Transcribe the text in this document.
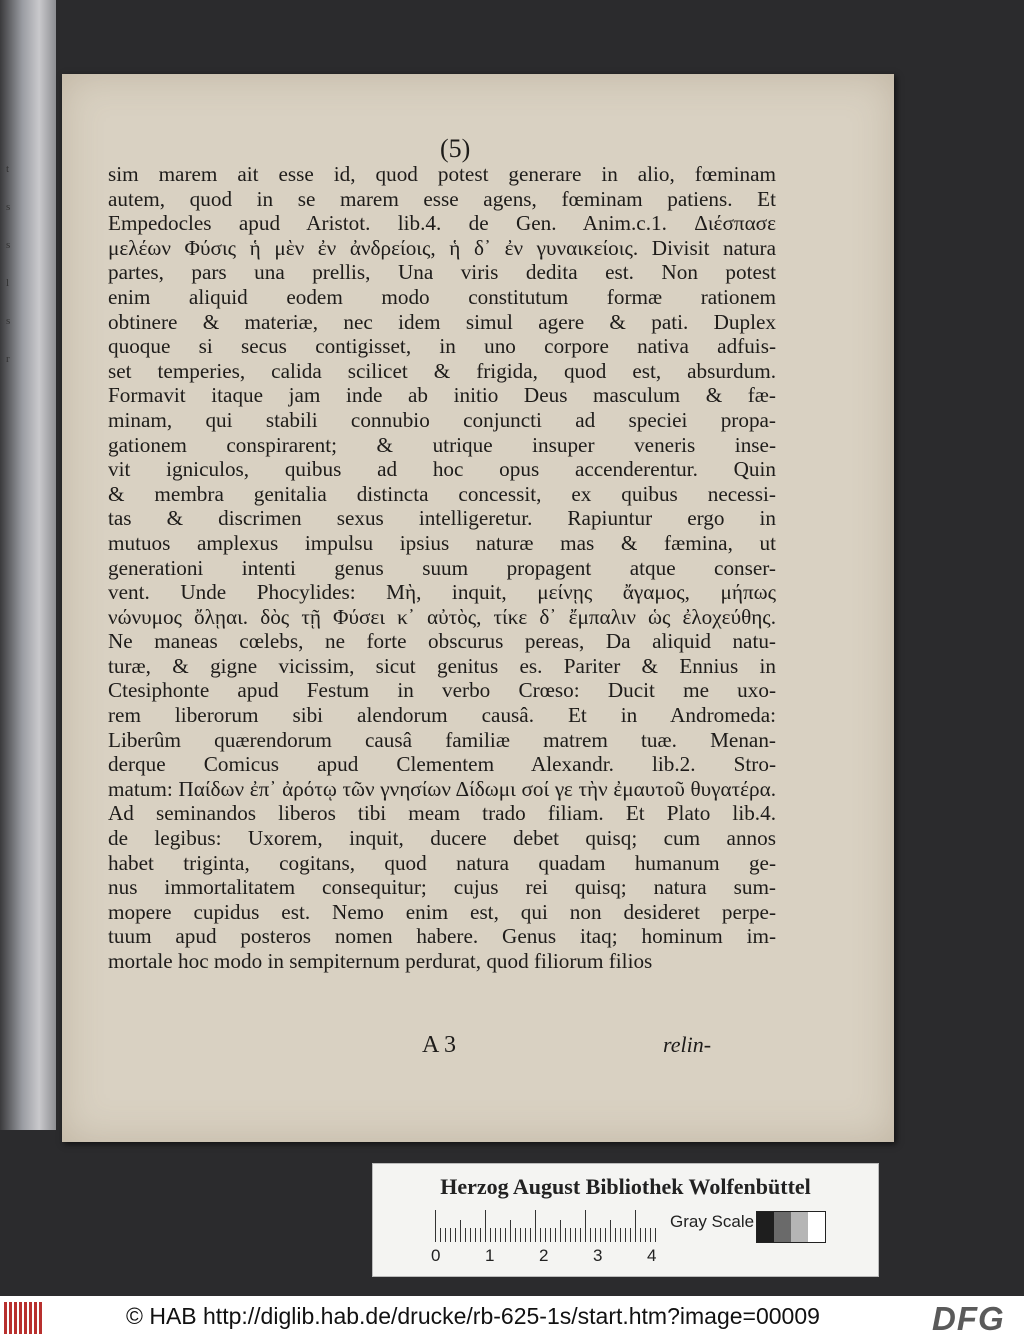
t
s
s
l
s
r
(5)
sim marem ait esse id, quod potest generare in alio, fœminam
autem, quod in se marem esse agens, fœminam patiens. Et
Empedocles apud Aristot. lib.4. de Gen. Anim.c.1. Διέσπασε
μελέων Φύσις ἡ μὲν ἐν ἀνδρείοις, ἡ δ᾽ ἐν γυναικείοις. Divisit natura
partes, pars una prellis, Una viris dedita est. Non potest
enim aliquid eodem modo constitutum formæ rationem
obtinere & materiæ, nec idem simul agere & pati. Duplex
quoque si secus contigisset, in uno corpore nativa adfuis-
set temperies, calida scilicet & frigida, quod est, absurdum.
Formavit itaque jam inde ab initio Deus masculum & fæ-
minam, qui stabili connubio conjuncti ad speciei propa-
gationem conspirarent; & utrique insuper veneris inse-
vit igniculos, quibus ad hoc opus accenderentur. Quin
& membra genitalia distincta concessit, ex quibus necessi-
tas & discrimen sexus intelligeretur. Rapiuntur ergo in
mutuos amplexus impulsu ipsius naturæ mas & fæmina, ut
generationi intenti genus suum propagent atque conser-
vent. Unde Phocylides: Μὴ, inquit, μείνῃς ἄγαμος, μήπως
νώνυμος ὄλῃαι. δὸς τῇ Φύσει κ᾽ αὐτὸς, τίκε δ᾽ ἔμπαλιν ὡς ἐλοχεύθης.
Ne maneas cœlebs, ne forte obscurus pereas, Da aliquid natu-
turæ, & gigne vicissim, sicut genitus es. Pariter & Ennius in
Ctesiphonte apud Festum in verbo Crœso: Ducit me uxo-
rem liberorum sibi alendorum causâ. Et in Andromeda:
Liberûm quærendorum causâ familiæ matrem tuæ. Menan-
derque Comicus apud Clementem Alexandr. lib.2. Stro-
matum: Παίδων ἐπ᾽ ἀρότῳ τῶν γνησίων Δίδωμι σοί γε τὴν ἐμαυτοῦ θυγατέρα.
Ad seminandos liberos tibi meam trado filiam. Et Plato lib.4.
de legibus: Uxorem, inquit, ducere debet quisq; cum annos
habet triginta, cogitans, quod natura quadam humanum ge-
nus immortalitatem consequitur; cujus rei quisq; natura sum-
mopere cupidus est. Nemo enim est, qui non desideret perpe-
tuum apud posteros nomen habere. Genus itaq; hominum im-
mortale hoc modo in sempiternum perdurat, quod filiorum filios
A 3	relin-
Herzog August Bibliothek Wolfenbüttel
0	1	2	3	4
Gray Scale
© HAB http://diglib.hab.de/drucke/rb-625-1s/start.htm?image=00009	DFG
